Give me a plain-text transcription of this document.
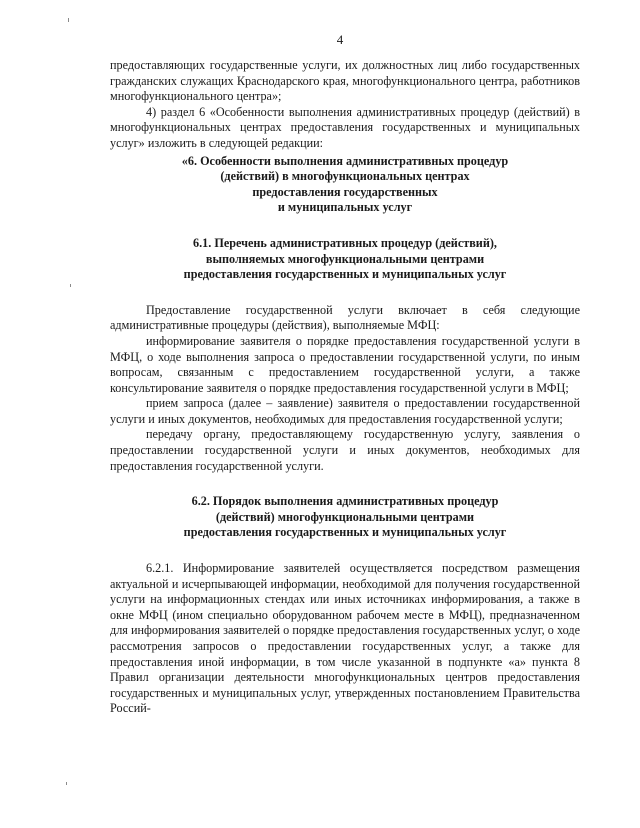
4

предоставляющих государственные услуги, их должностных лиц либо государственных гражданских служащих Краснодарского края, многофункционального центра, работников многофункционального центра»;

4) раздел 6 «Особенности выполнения административных процедур (действий) в многофункциональных центрах предоставления государственных и муниципальных услуг» изложить в следующей редакции:

«6. Особенности выполнения административных процедур
(действий) в многофункциональных центрах
предоставления государственных
и муниципальных услуг
6.1. Перечень административных процедур (действий),
выполняемых многофункциональными центрами
предоставления государственных и муниципальных услуг

Предоставление государственной услуги включает в себя следующие административные процедуры (действия), выполняемые МФЦ:

информирование заявителя о порядке предоставления государственной услуги в МФЦ, о ходе выполнения запроса о предоставлении государственной услуги, по иным вопросам, связанным с предоставлением государственной услуги, а также консультирование заявителя о порядке предоставления государственной услуги в МФЦ;

прием запроса (далее – заявление) заявителя о предоставлении государственной услуги и иных документов, необходимых для предоставления государственной услуги;

передачу органу, предоставляющему государственную услугу, заявления о предоставлении государственной услуги и иных документов, необходимых для предоставления государственной услуги.

6.2. Порядок выполнения административных процедур
(действий) многофункциональными центрами
предоставления государственных и муниципальных услуг

6.2.1. Информирование заявителей осуществляется посредством размещения актуальной и исчерпывающей информации, необходимой для получения государственной услуги на информационных стендах или иных источниках информирования, а также в окне МФЦ (ином специально оборудованном рабочем месте в МФЦ), предназначенном для информирования заявителей о порядке предоставления государственных услуг, о ходе рассмотрения запросов о предоставлении государственных услуг, а также для предоставления иной информации, в том числе указанной в подпункте «а» пункта 8 Правил организации деятельности многофункциональных центров предоставления государственных и муниципальных услуг, утвержденных постановлением Правительства Россий-
